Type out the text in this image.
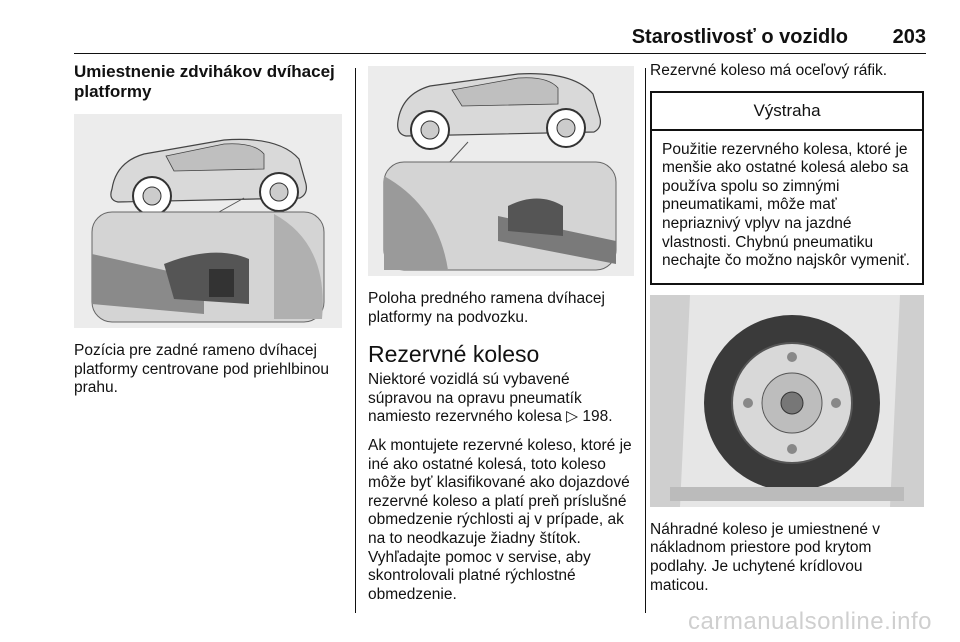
Starostlivosť o vozidlo 203
Umiestnenie zdvihákov dvíhacej platformy

Pozícia pre zadné rameno dvíhacej platformy centrovane pod priehlbinou prahu.

Poloha predného ramena dvíhacej platformy na podvozku.

Rezervné koleso

Niektoré vozidlá sú vybavené súpravou na opravu pneumatík namiesto rezervného kolesa ▷ 198.

Ak montujete rezervné koleso, ktoré je iné ako ostatné kolesá, toto koleso môže byť klasifikované ako dojazdové rezervné koleso a platí preň príslušné obmedzenie rýchlosti aj v prípade, ak na to neodkazuje žiadny štítok. Vyhľadajte pomoc v servise, aby skontrolovali platné rýchlostné obmedzenie.

Rezervné koleso má oceľový ráfik.

Výstraha
Použitie rezervného kolesa, ktoré je menšie ako ostatné kolesá alebo sa používa spolu so zimnými pneumatikami, môže mať nepriaznivý vplyv na jazdné vlastnosti. Chybnú pneumatiku nechajte čo možno najskôr vymeniť.

Náhradné koleso je umiestnené v nákladnom priestore pod krytom podlahy. Je uchytené krídlovou maticou.

carmanualsonline.info
